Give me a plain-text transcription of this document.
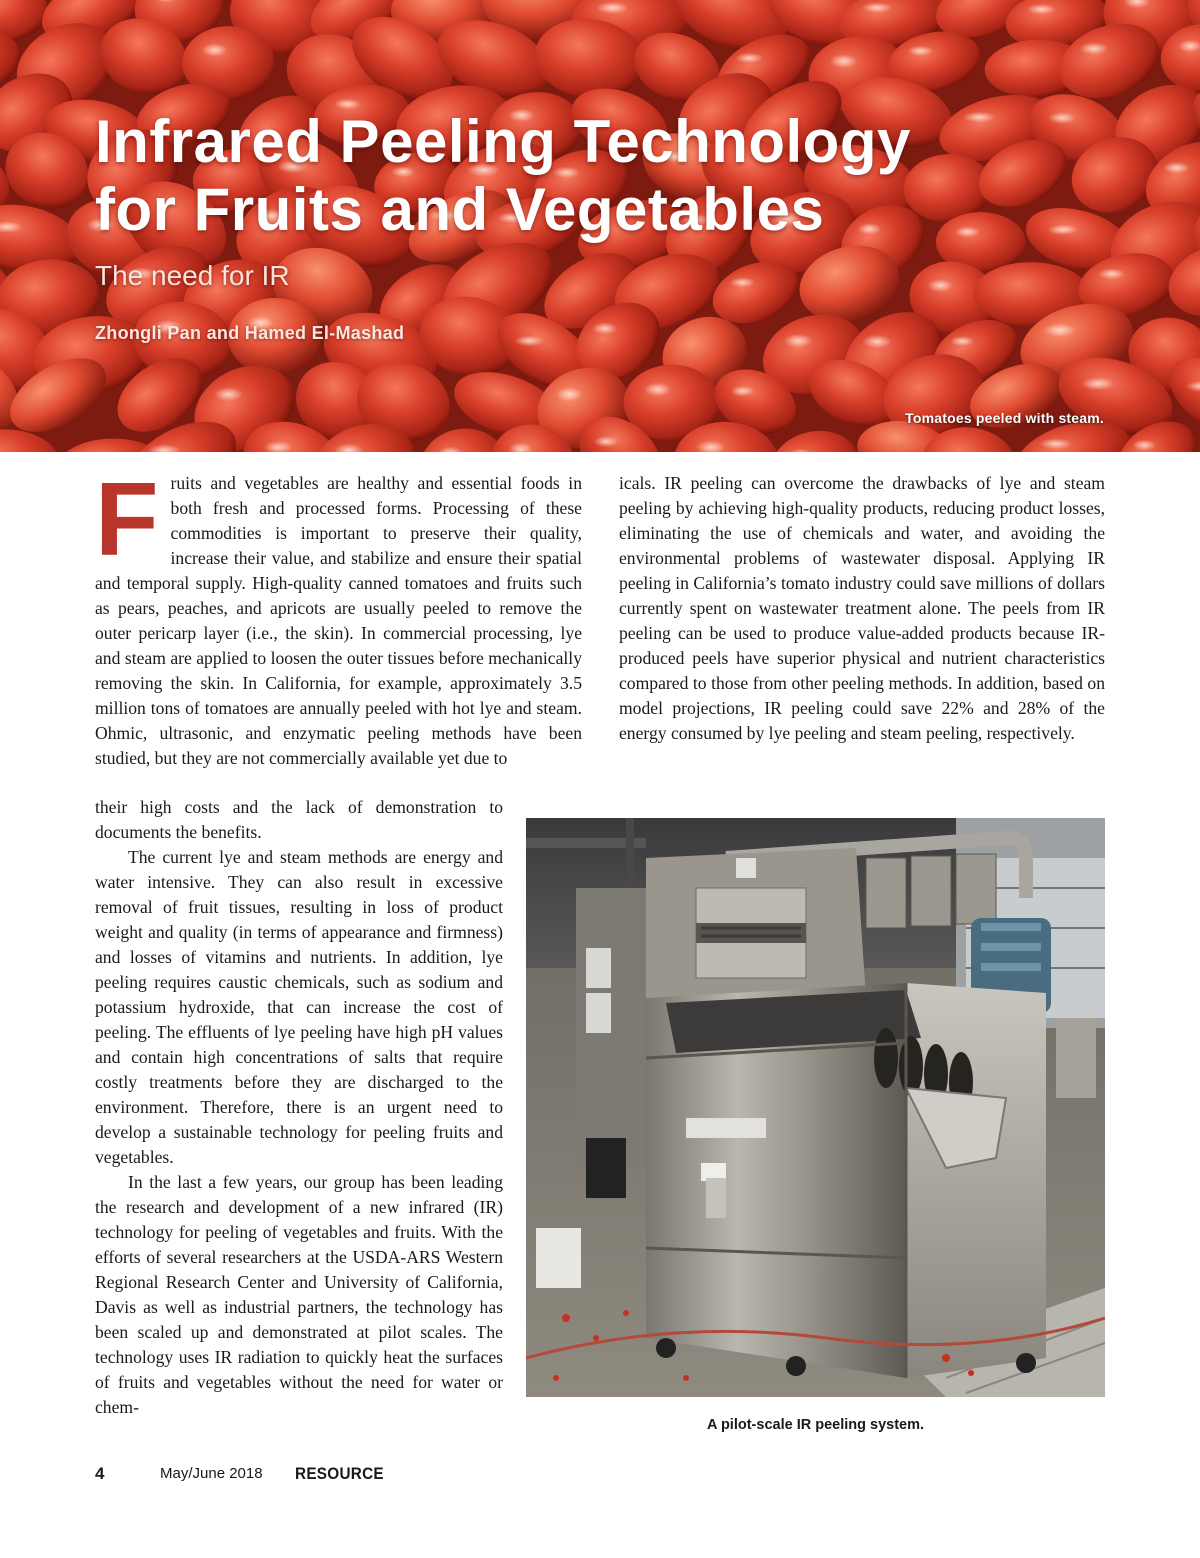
Infrared Peeling Technology
for Fruits and Vegetables

The need for IR

Zhongli Pan and Hamed El-Mashad

Tomatoes peeled with steam.

Fruits and vegetables are healthy and essential foods in both fresh and processed forms. Processing of these commodities is important to preserve their quality, increase their value, and stabilize and ensure their spatial and temporal supply. High-quality canned tomatoes and fruits such as pears, peaches, and apricots are usually peeled to remove the outer pericarp layer (i.e., the skin). In commercial processing, lye and steam are applied to loosen the outer tissues before mechanically removing the skin. In California, for example, approximately 3.5 million tons of tomatoes are annually peeled with hot lye and steam. Ohmic, ultrasonic, and enzymatic peeling methods have been studied, but they are not commercially available yet due to

their high costs and the lack of demonstration to documents the benefits.

The current lye and steam methods are energy and water intensive. They can also result in excessive removal of fruit tissues, resulting in loss of product weight and quality (in terms of appearance and firmness) and losses of vitamins and nutrients. In addition, lye peeling requires caustic chemicals, such as sodium and potassium hydroxide, that can increase the cost of peeling. The effluents of lye peeling have high pH values and contain high concentrations of salts that require costly treatments before they are discharged to the environment. Therefore, there is an urgent need to develop a sustainable technology for peeling fruits and vegetables.

In the last a few years, our group has been leading the research and development of a new infrared (IR) technology for peeling of vegetables and fruits. With the efforts of several researchers at the USDA-ARS Western Regional Research Center and University of California, Davis as well as industrial partners, the technology has been scaled up and demonstrated at pilot scales. The technology uses IR radiation to quickly heat the surfaces of fruits and vegetables without the need for water or chem-

icals. IR peeling can overcome the drawbacks of lye and steam peeling by achieving high-quality products, reducing product losses, eliminating the use of chemicals and water, and avoiding the environmental problems of wastewater disposal. Applying IR peeling in California’s tomato industry could save millions of dollars currently spent on wastewater treatment alone. The peels from IR peeling can be used to produce value-added products because IR-produced peels have superior physical and nutrient characteristics compared to those from other peeling methods. In addition, based on model projections, IR peeling could save 22% and 28% of the energy consumed by lye peeling and steam peeling, respectively.

A pilot-scale IR peeling system.

4	May/June 2018 RESOURCE
